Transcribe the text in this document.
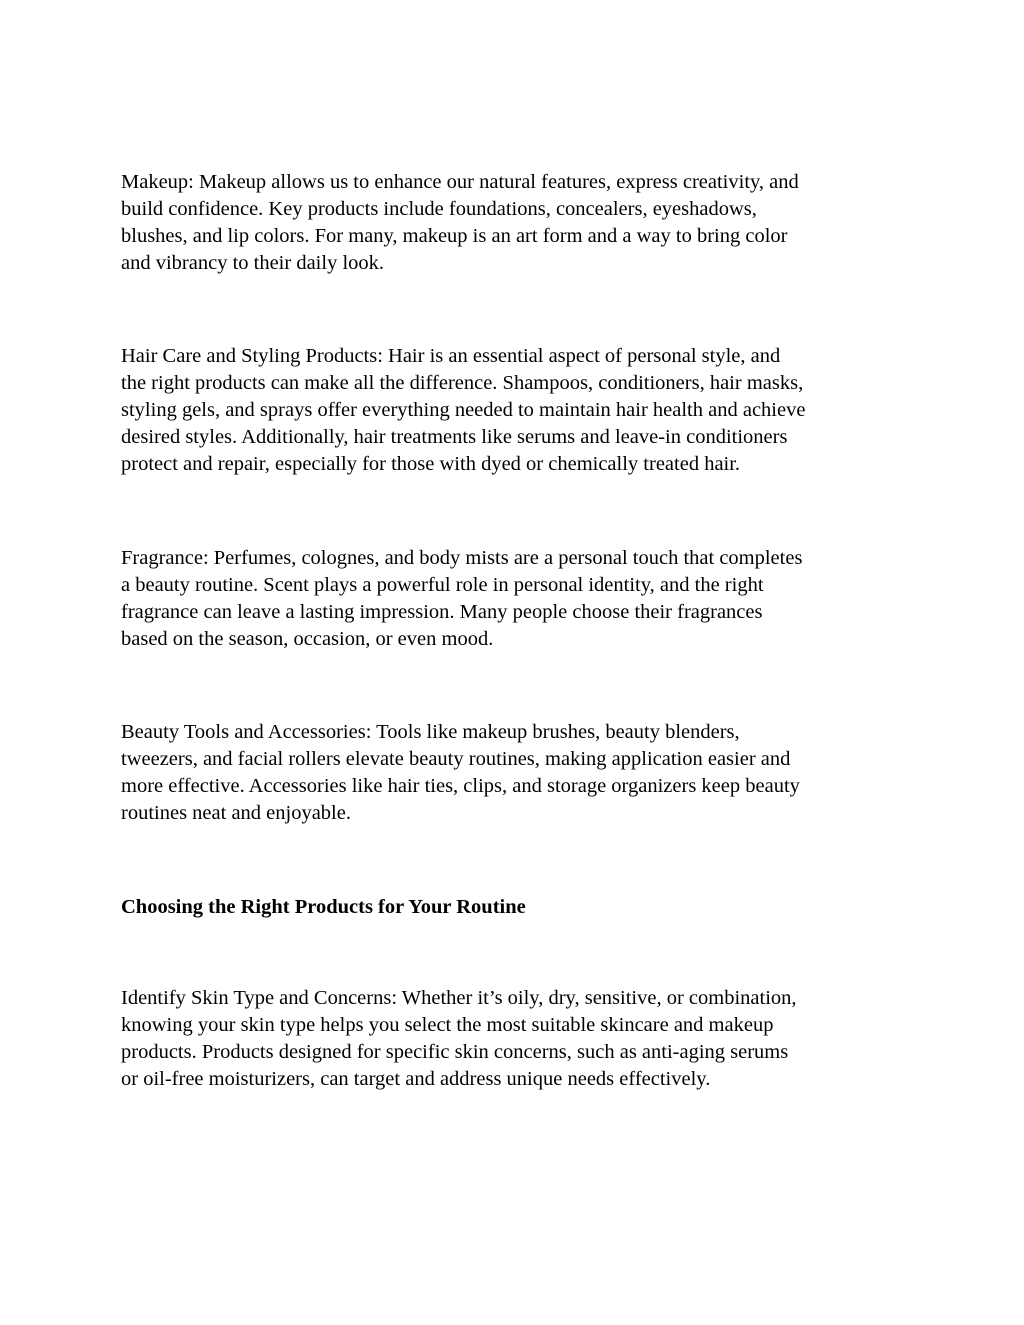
Makeup: Makeup allows us to enhance our natural features, express creativity, and
build confidence. Key products include foundations, concealers, eyeshadows,
blushes, and lip colors. For many, makeup is an art form and a way to bring color
and vibrancy to their daily look.

Hair Care and Styling Products: Hair is an essential aspect of personal style, and
the right products can make all the difference. Shampoos, conditioners, hair masks,
styling gels, and sprays offer everything needed to maintain hair health and achieve
desired styles. Additionally, hair treatments like serums and leave-in conditioners
protect and repair, especially for those with dyed or chemically treated hair.

Fragrance: Perfumes, colognes, and body mists are a personal touch that completes
a beauty routine. Scent plays a powerful role in personal identity, and the right
fragrance can leave a lasting impression. Many people choose their fragrances
based on the season, occasion, or even mood.

Beauty Tools and Accessories: Tools like makeup brushes, beauty blenders,
tweezers, and facial rollers elevate beauty routines, making application easier and
more effective. Accessories like hair ties, clips, and storage organizers keep beauty
routines neat and enjoyable.

Choosing the Right Products for Your Routine

Identify Skin Type and Concerns: Whether it’s oily, dry, sensitive, or combination,
knowing your skin type helps you select the most suitable skincare and makeup
products. Products designed for specific skin concerns, such as anti-aging serums
or oil-free moisturizers, can target and address unique needs effectively.
